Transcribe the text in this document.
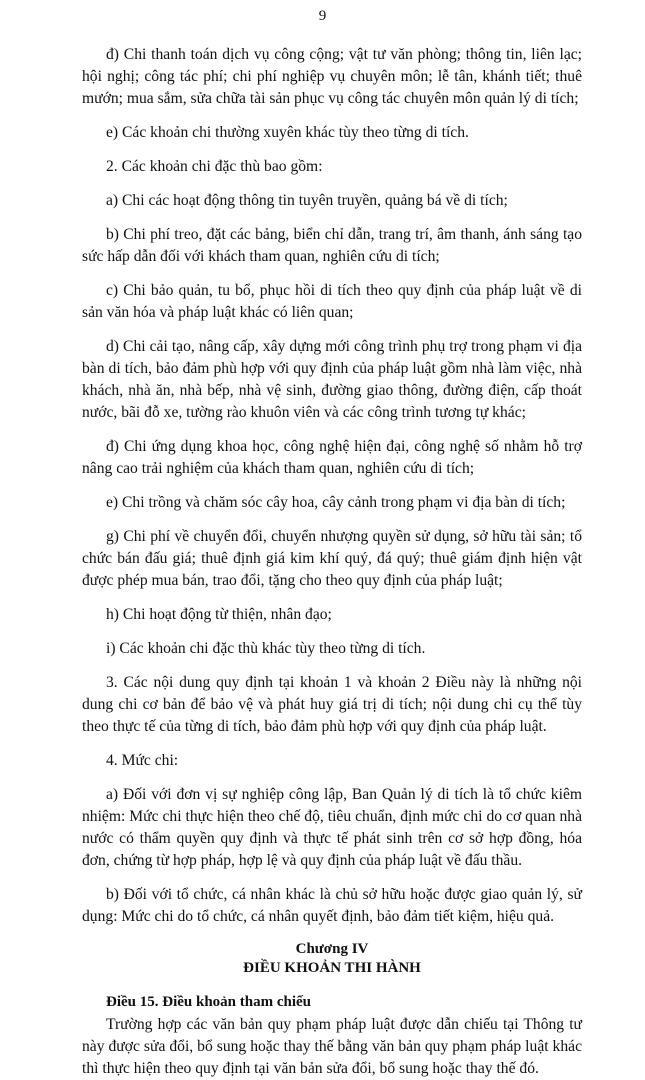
9

đ) Chi thanh toán dịch vụ công cộng; vật tư văn phòng; thông tin, liên lạc; hội nghị; công tác phí; chi phí nghiệp vụ chuyên môn; lễ tân, khánh tiết; thuê mướn; mua sắm, sửa chữa tài sản phục vụ công tác chuyên môn quản lý di tích;

e) Các khoản chi thường xuyên khác tùy theo từng di tích.

2. Các khoản chi đặc thù bao gồm:

a) Chi các hoạt động thông tin tuyên truyền, quảng bá về di tích;

b) Chi phí treo, đặt các bảng, biển chỉ dẫn, trang trí, âm thanh, ánh sáng tạo sức hấp dẫn đối với khách tham quan, nghiên cứu di tích;

c) Chi bảo quản, tu bổ, phục hồi di tích theo quy định của pháp luật về di sản văn hóa và pháp luật khác có liên quan;

d) Chi cải tạo, nâng cấp, xây dựng mới công trình phụ trợ trong phạm vi địa bàn di tích, bảo đảm phù hợp với quy định của pháp luật gồm nhà làm việc, nhà khách, nhà ăn, nhà bếp, nhà vệ sinh, đường giao thông, đường điện, cấp thoát nước, bãi đỗ xe, tường rào khuôn viên và các công trình tương tự khác;

đ) Chi ứng dụng khoa học, công nghệ hiện đại, công nghệ số nhằm hỗ trợ nâng cao trải nghiệm của khách tham quan, nghiên cứu di tích;

e) Chi trồng và chăm sóc cây hoa, cây cảnh trong phạm vi địa bàn di tích;

g) Chi phí về chuyển đổi, chuyển nhượng quyền sử dụng, sở hữu tài sản; tổ chức bán đấu giá; thuê định giá kim khí quý, đá quý; thuê giám định hiện vật được phép mua bán, trao đổi, tặng cho theo quy định của pháp luật;

h) Chi hoạt động từ thiện, nhân đạo;

i) Các khoản chi đặc thù khác tùy theo từng di tích.

3. Các nội dung quy định tại khoản 1 và khoản 2 Điều này là những nội dung chi cơ bản để bảo vệ và phát huy giá trị di tích; nội dung chi cụ thể tùy theo thực tế của từng di tích, bảo đảm phù hợp với quy định của pháp luật.

4. Mức chi:

a) Đối với đơn vị sự nghiệp công lập, Ban Quản lý di tích là tổ chức kiêm nhiệm: Mức chi thực hiện theo chế độ, tiêu chuẩn, định mức chi do cơ quan nhà nước có thẩm quyền quy định và thực tế phát sinh trên cơ sở hợp đồng, hóa đơn, chứng từ hợp pháp, hợp lệ và quy định của pháp luật về đấu thầu.

b) Đối với tổ chức, cá nhân khác là chủ sở hữu hoặc được giao quản lý, sử dụng: Mức chi do tổ chức, cá nhân quyết định, bảo đảm tiết kiệm, hiệu quả.

Chương IV
ĐIỀU KHOẢN THI HÀNH
Điều 15. Điều khoản tham chiếu

Trường hợp các văn bản quy phạm pháp luật được dẫn chiếu tại Thông tư này được sửa đổi, bổ sung hoặc thay thế bằng văn bản quy phạm pháp luật khác thì thực hiện theo quy định tại văn bản sửa đổi, bổ sung hoặc thay thế đó.
